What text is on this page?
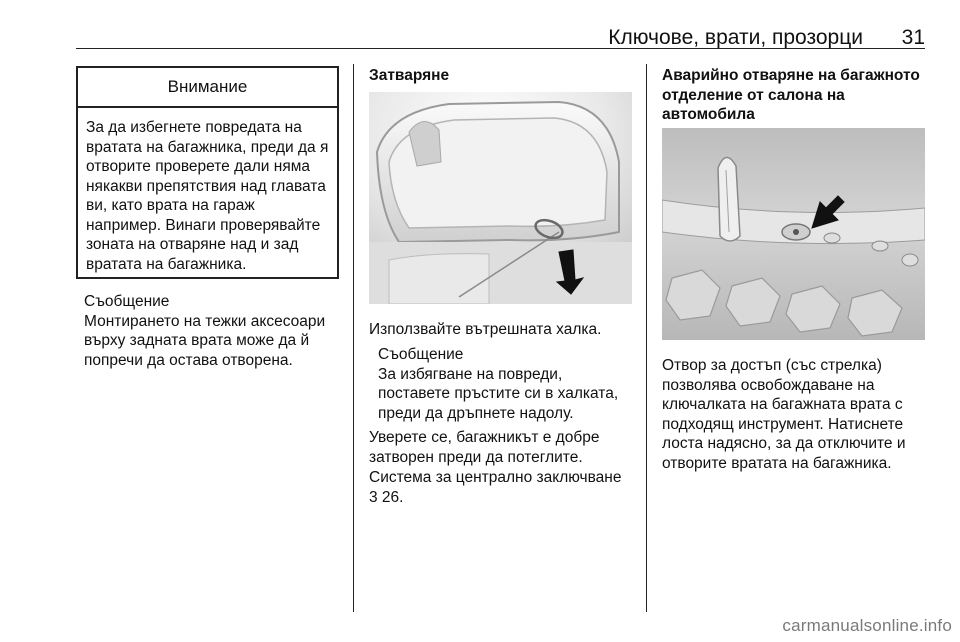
Ключове, врати, прозорци 31
Внимание
За да избегнете повредата на вратата на багажника, преди да я отворите проверете дали няма някакви препятствия над главата ви, като врата на гараж например. Винаги проверявайте зоната на отваряне над и зад вратата на багажника.
Съобщение
Монтирането на тежки аксесоари върху задната врата може да й попречи да остава отворена.
Затваряне
Използвайте вътрешната халка.
Съобщение
За избягване на повреди, поставете пръстите си в халката, преди да дръпнете надолу.
Уверете се, багажникът е добре затворен преди да потеглите.
Система за централно заключване
3 26.
Аварийно отваряне на багажното отделение от салона на автомобила
Отвор за достъп (със стрелка) позволява освобождаване на ключалката на багажната врата с подходящ инструмент. Натиснете лоста надясно, за да отключите и отворите вратата на багажника.
carmanualsonline.info
